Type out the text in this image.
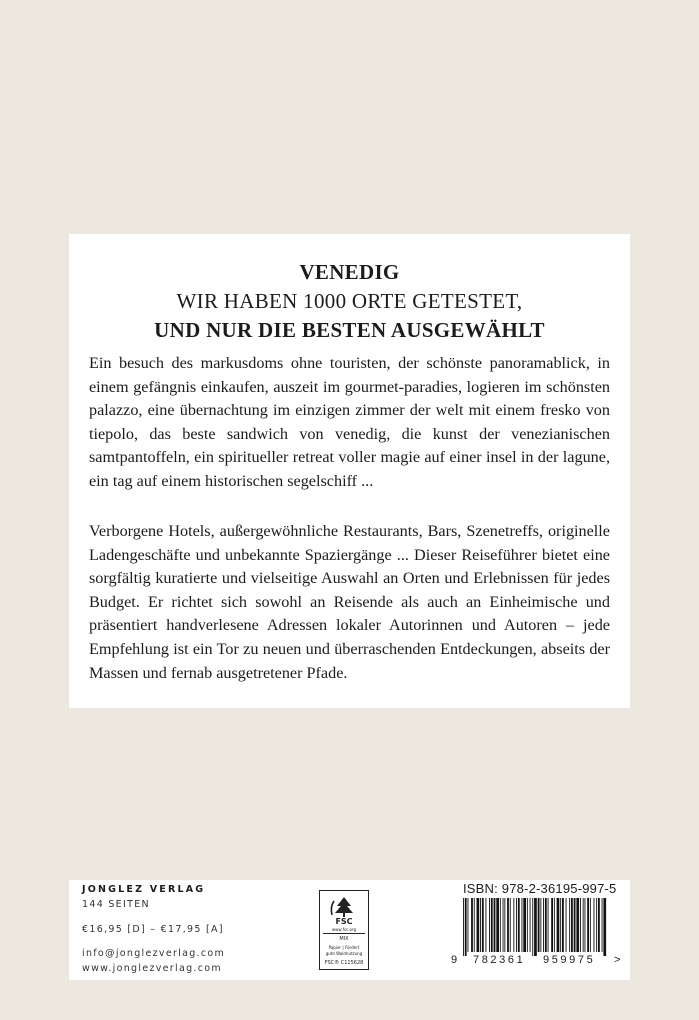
VENEDIG
WIR HABEN 1000 ORTE GETESTET,
UND NUR DIE BESTEN AUSGEWÄHLT

Ein besuch des markusdoms ohne touristen, der schönste panoramablick, in einem gefängnis einkaufen, auszeit im gourmet-paradies, logieren im schönsten palazzo, eine übernachtung im einzigen zimmer der welt mit einem fresko von tiepolo, das beste sandwich von venedig, die kunst der venezianischen samtpantoffeln, ein spiritueller retreat voller magie auf einer insel in der lagune, ein tag auf einem historischen segelschiff ...

Verborgene Hotels, außergewöhnliche Restaurants, Bars, Szenetreffs, originelle Ladengeschäfte und unbekannte Spaziergänge ... Dieser Reiseführer bietet eine sorgfältig kuratierte und vielseitige Auswahl an Orten und Erlebnissen für jedes Budget. Er richtet sich sowohl an Reisende als auch an Einheimische und präsentiert handverlesene Adressen lokaler Autorinnen und Autoren – jede Empfehlung ist ein Tor zu neuen und überraschenden Entdeckungen, abseits der Massen und fernab ausgetretener Pfade.

JONGLEZ VERLAG
144 SEITEN
€16,95 [D] – €17,95 [A]
info@jonglezverlag.com
www.jonglezverlag.com
FSC
www.fsc.org
MIX
Papier | Fördert
gute Waldnutzung
FSC® C115628
ISBN: 978-2-36195-997-5
9 782361 959975 >
